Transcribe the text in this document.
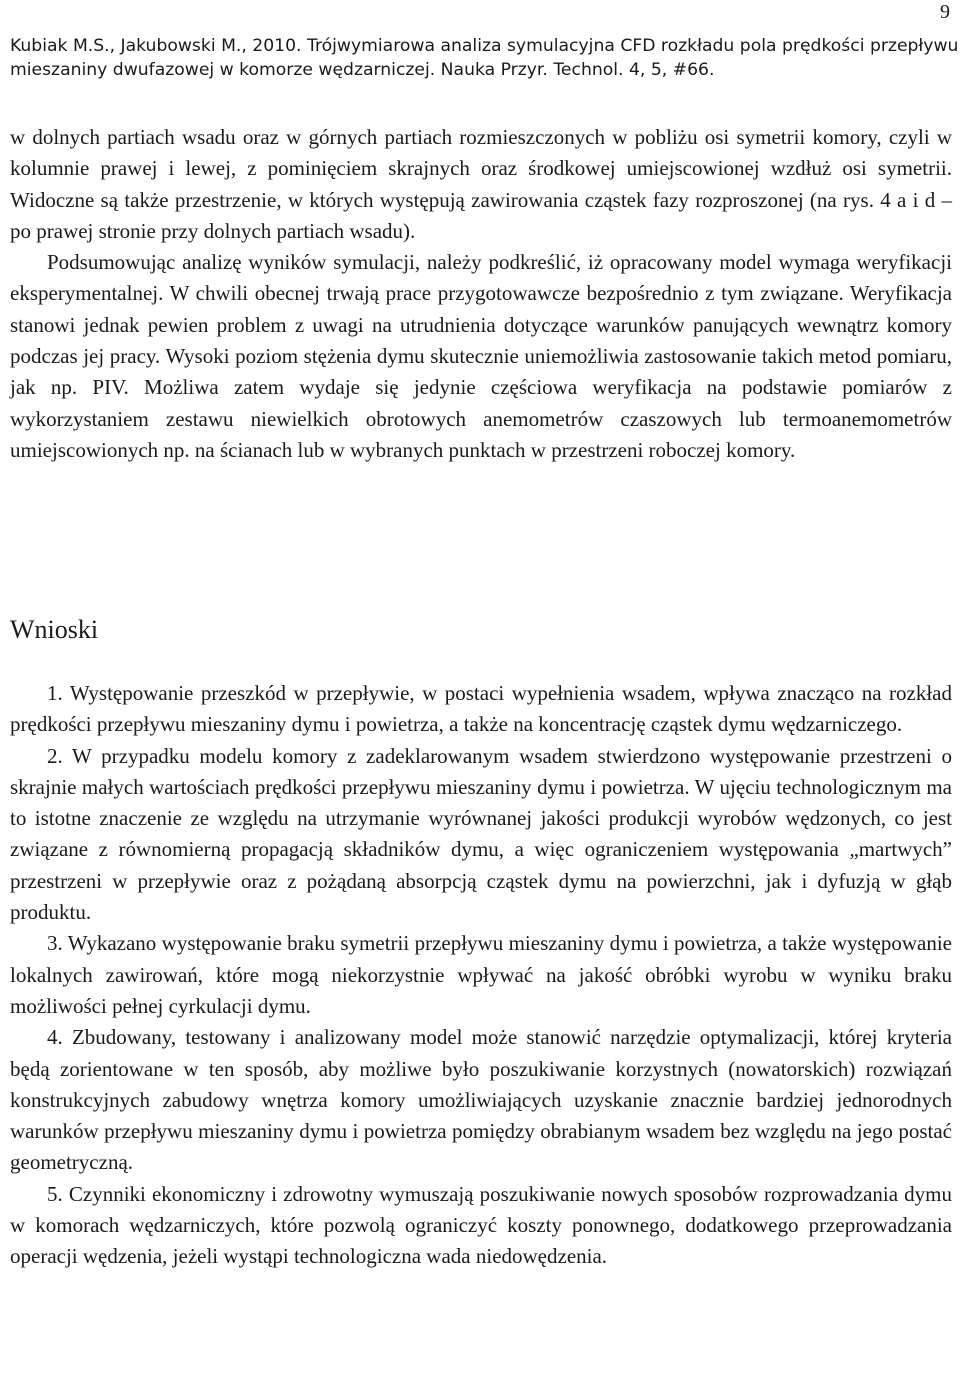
9
Kubiak M.S., Jakubowski M., 2010. Trójwymiarowa analiza symulacyjna CFD rozkładu pola prędkości przepływu
mieszaniny dwufazowej w komorze wędzarniczej. Nauka Przyr. Technol. 4, 5, #66.

w dolnych partiach wsadu oraz w górnych partiach rozmieszczonych w pobliżu osi symetrii komory, czyli w kolumnie prawej i lewej, z pominięciem skrajnych oraz środkowej umiejscowionej wzdłuż osi symetrii. Widoczne są także przestrzenie, w których występują zawirowania cząstek fazy rozproszonej (na rys. 4 a i d – po prawej stronie przy dolnych partiach wsadu).

Podsumowując analizę wyników symulacji, należy podkreślić, iż opracowany model wymaga weryfikacji eksperymentalnej. W chwili obecnej trwają prace przygotowawcze bezpośrednio z tym związane. Weryfikacja stanowi jednak pewien problem z uwagi na utrudnienia dotyczące warunków panujących wewnątrz komory podczas jej pracy. Wysoki poziom stężenia dymu skutecznie uniemożliwia zastosowanie takich metod pomiaru, jak np. PIV. Możliwa zatem wydaje się jedynie częściowa weryfikacja na podstawie pomiarów z wykorzystaniem zestawu niewielkich obrotowych anemometrów czaszowych lub termoanemometrów umiejscowionych np. na ścianach lub w wybranych punktach w przestrzeni roboczej komory.

Wnioski

1. Występowanie przeszkód w przepływie, w postaci wypełnienia wsadem, wpływa znacząco na rozkład prędkości przepływu mieszaniny dymu i powietrza, a także na koncentrację cząstek dymu wędzarniczego.

2. W przypadku modelu komory z zadeklarowanym wsadem stwierdzono występowanie przestrzeni o skrajnie małych wartościach prędkości przepływu mieszaniny dymu i powietrza. W ujęciu technologicznym ma to istotne znaczenie ze względu na utrzymanie wyrównanej jakości produkcji wyrobów wędzonych, co jest związane z równomierną propagacją składników dymu, a więc ograniczeniem występowania „martwych” przestrzeni w przepływie oraz z pożądaną absorpcją cząstek dymu na powierzchni, jak i dyfuzją w głąb produktu.

3. Wykazano występowanie braku symetrii przepływu mieszaniny dymu i powietrza, a także występowanie lokalnych zawirowań, które mogą niekorzystnie wpływać na jakość obróbki wyrobu w wyniku braku możliwości pełnej cyrkulacji dymu.

4. Zbudowany, testowany i analizowany model może stanowić narzędzie optymalizacji, której kryteria będą zorientowane w ten sposób, aby możliwe było poszukiwanie korzystnych (nowatorskich) rozwiązań konstrukcyjnych zabudowy wnętrza komory umożliwiających uzyskanie znacznie bardziej jednorodnych warunków przepływu mieszaniny dymu i powietrza pomiędzy obrabianym wsadem bez względu na jego postać geometryczną.

5. Czynniki ekonomiczny i zdrowotny wymuszają poszukiwanie nowych sposobów rozprowadzania dymu w komorach wędzarniczych, które pozwolą ograniczyć koszty ponownego, dodatkowego przeprowadzania operacji wędzenia, jeżeli wystąpi technologiczna wada niedowędzenia.
